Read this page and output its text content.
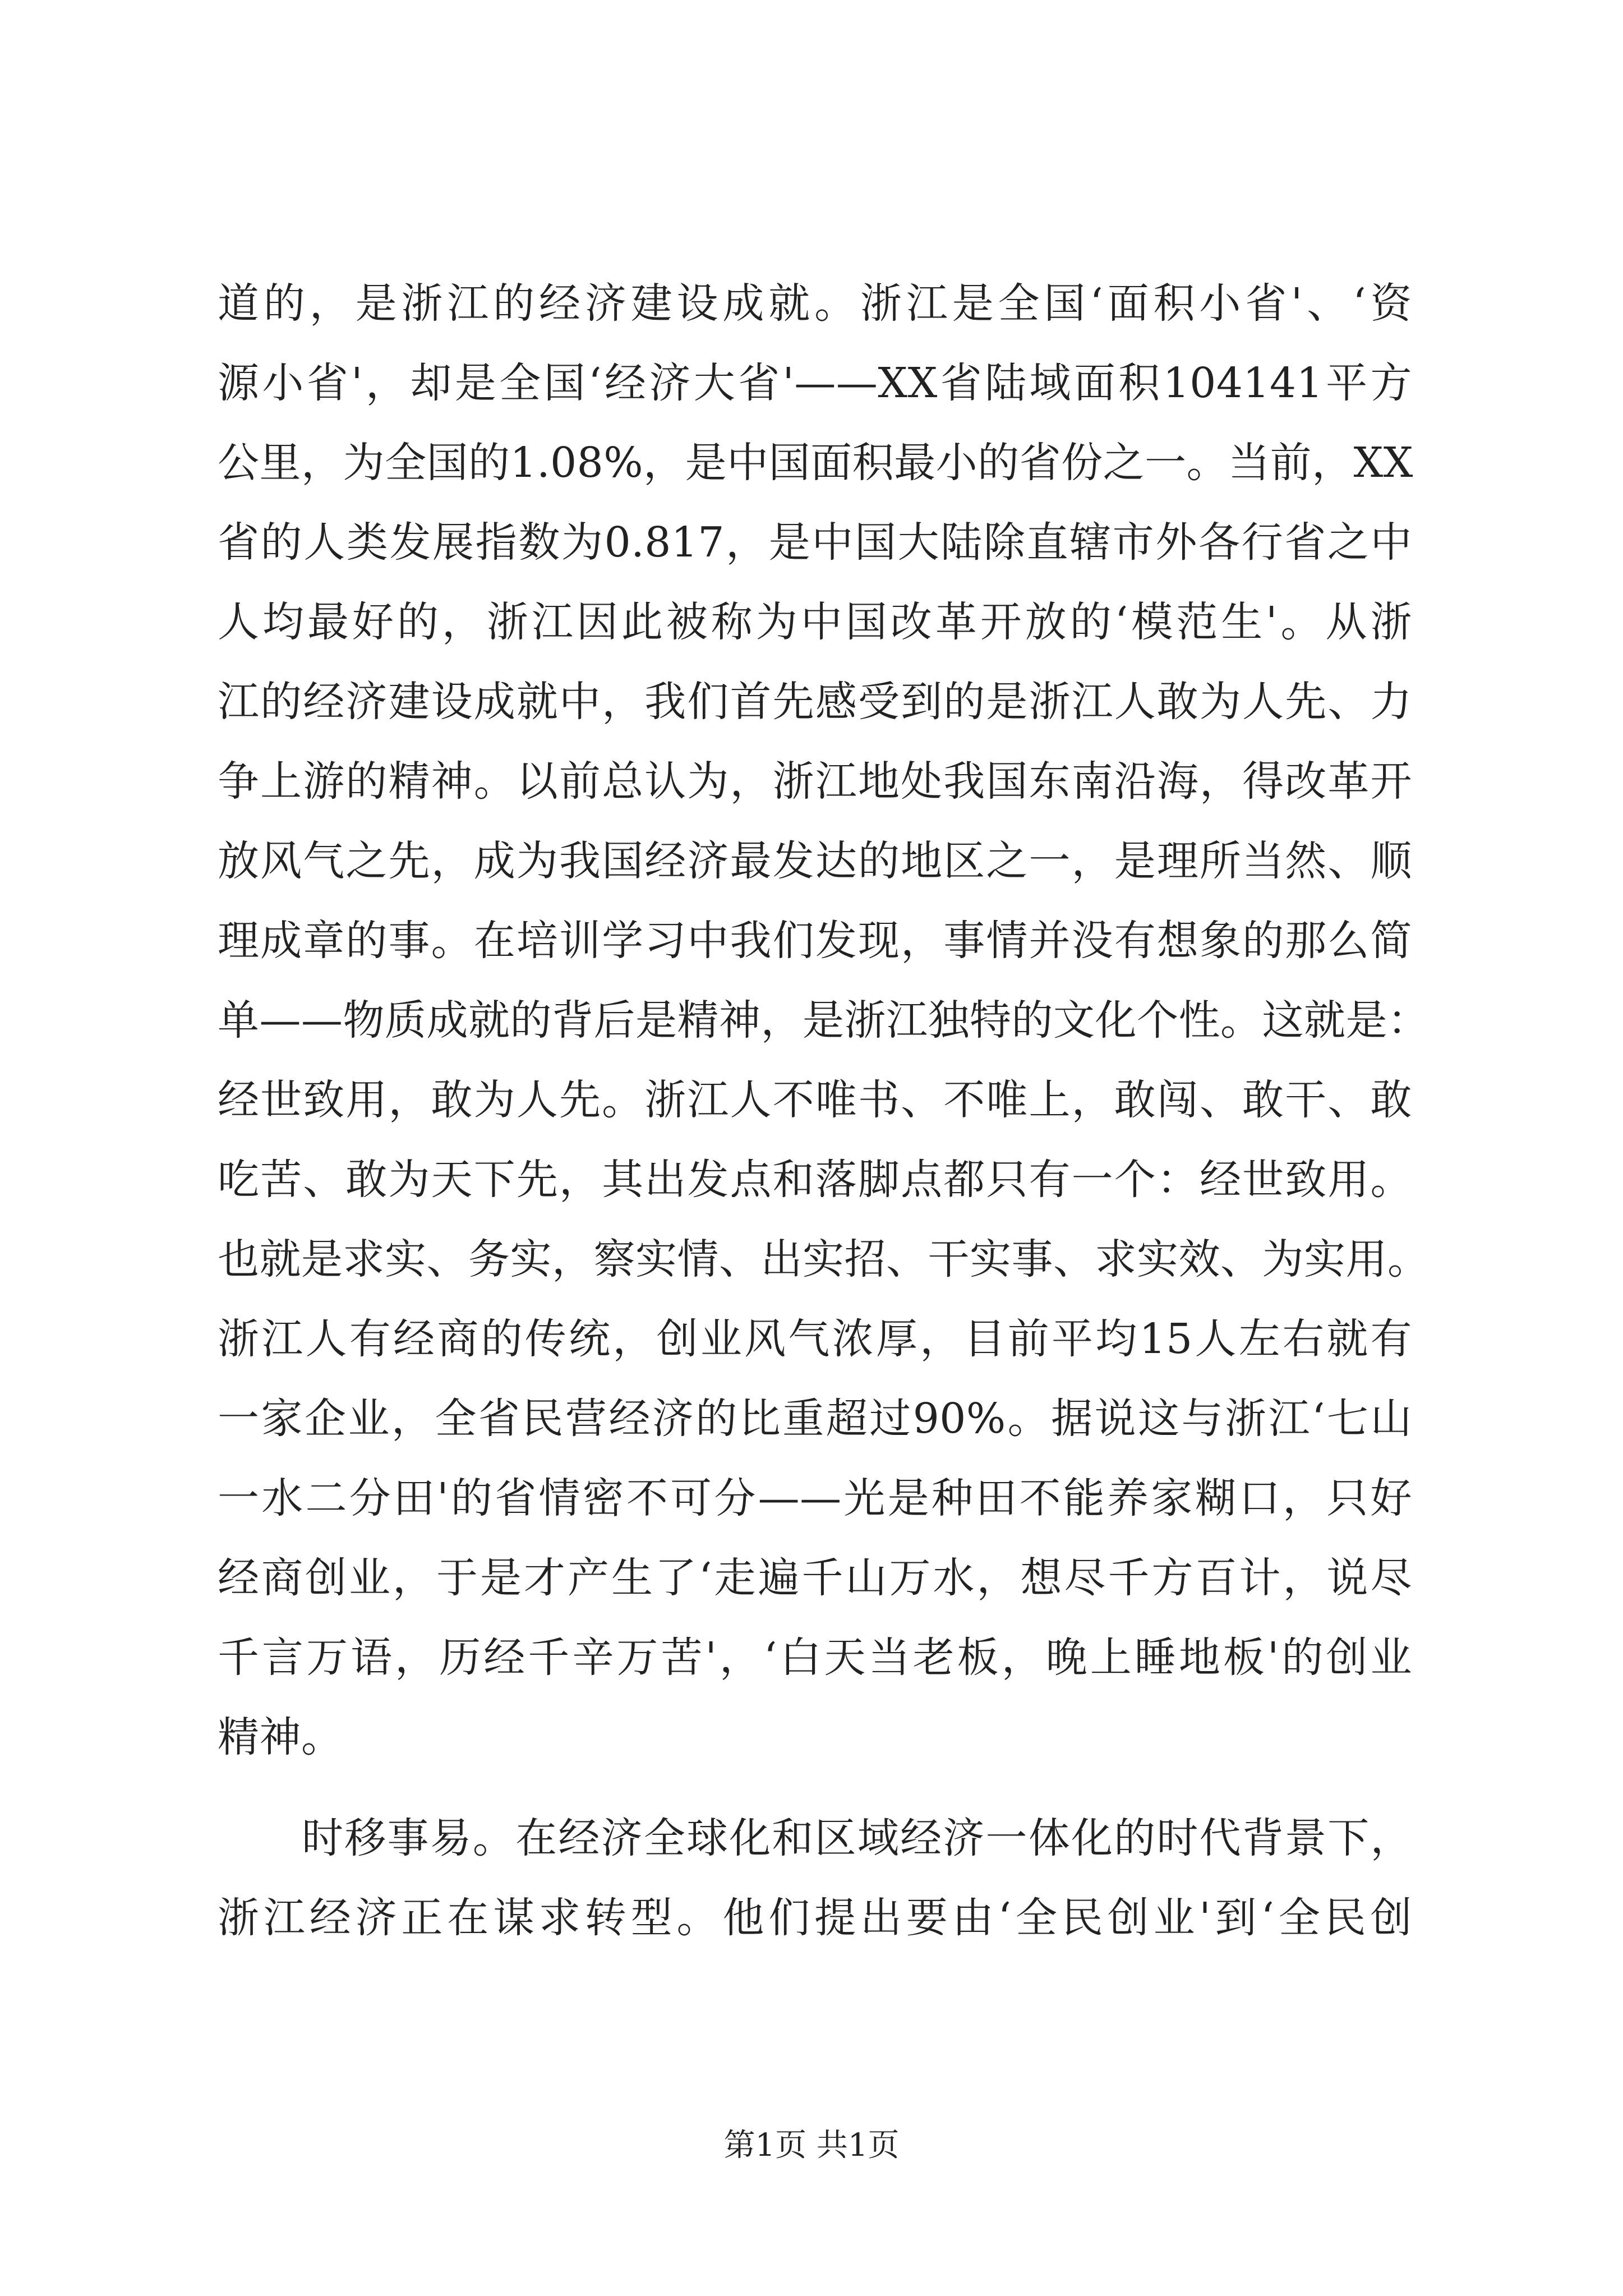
道的，是浙江的经济建设成就。浙江是全国‘面积小省'、‘资
源小省'，却是全国‘经济大省'——XX省陆域面积104141平方
公里，为全国的1.08%，是中国面积最小的省份之一。当前，XX
省的人类发展指数为0.817，是中国大陆除直辖市外各行省之中
人均最好的，浙江因此被称为中国改革开放的‘模范生'。从浙
江的经济建设成就中，我们首先感受到的是浙江人敢为人先、力
争上游的精神。以前总认为，浙江地处我国东南沿海，得改革开
放风气之先，成为我国经济最发达的地区之一，是理所当然、顺
理成章的事。在培训学习中我们发现，事情并没有想象的那么简
单——物质成就的背后是精神，是浙江独特的文化个性。这就是：
经世致用，敢为人先。浙江人不唯书、不唯上，敢闯、敢干、敢
吃苦、敢为天下先，其出发点和落脚点都只有一个：经世致用。
也就是求实、务实，察实情、出实招、干实事、求实效、为实用。
浙江人有经商的传统，创业风气浓厚，目前平均15人左右就有
一家企业，全省民营经济的比重超过90%。据说这与浙江‘七山
一水二分田'的省情密不可分——光是种田不能养家糊口，只好
经商创业，于是才产生了‘走遍千山万水，想尽千方百计，说尽
千言万语，历经千辛万苦'，‘白天当老板，晚上睡地板'的创业
精神。
时移事易。在经济全球化和区域经济一体化的时代背景下，
浙江经济正在谋求转型。他们提出要由‘全民创业'到‘全民创
第1页 共1页
